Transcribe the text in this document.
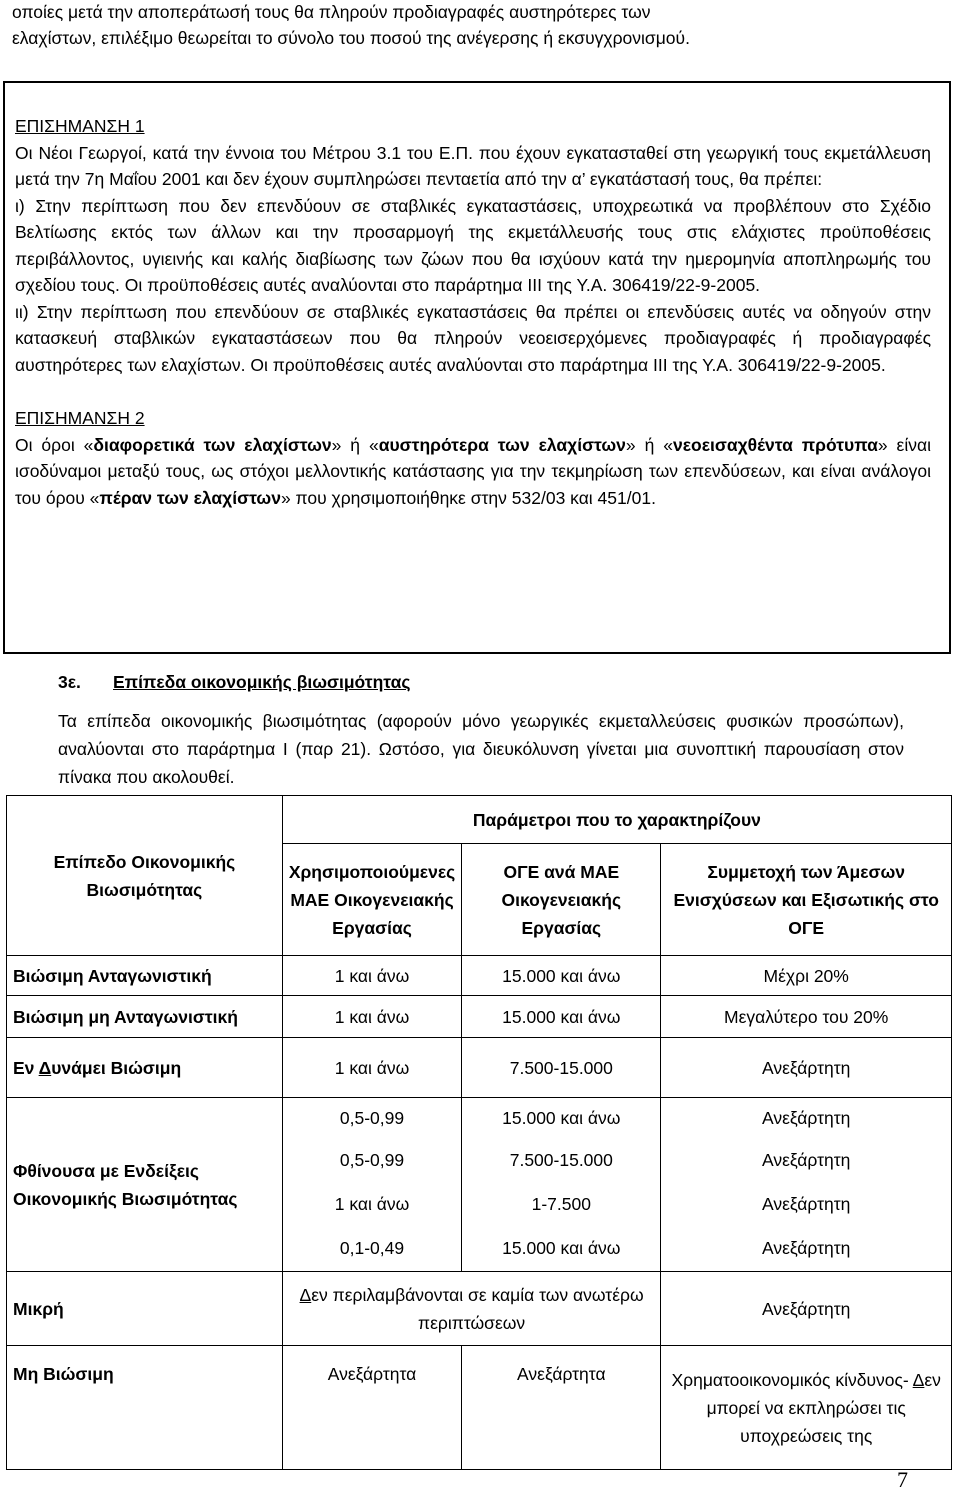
οποίες μετά την αποπεράτωσή τους θα πληρούν προδιαγραφές αυστηρότερες των

ελαχίστων, επιλέξιμο θεωρείται το σύνολο του ποσού της ανέγερσης ή εκσυγχρονισμού.

ΕΠΙΣΗΜΑΝΣΗ 1

Οι Νέοι Γεωργοί, κατά την έννοια του Μέτρου 3.1 του Ε.Π. που έχουν εγκατασταθεί στη γεωργική τους εκμετάλλευση μετά την 7η Μαΐου 2001 και δεν έχουν συμπληρώσει πενταετία από την α’ εγκατάστασή τους, θα πρέπει:

ι) Στην περίπτωση που δεν επενδύουν σε σταβλικές εγκαταστάσεις, υποχρεωτικά να προβλέπουν στο Σχέδιο Βελτίωσης εκτός των άλλων και την προσαρμογή της εκμετάλλευσής τους στις ελάχιστες προϋποθέσεις περιβάλλοντος, υγιεινής και καλής διαβίωσης των ζώων που θα ισχύουν κατά την ημερομηνία αποπληρωμής του σχεδίου τους. Οι προϋποθέσεις αυτές αναλύονται στο παράρτημα ΙΙΙ της Υ.Α. 306419/22-9-2005.

ιι) Στην περίπτωση που επενδύουν σε σταβλικές εγκαταστάσεις θα πρέπει οι επενδύσεις αυτές να οδηγούν στην κατασκευή σταβλικών εγκαταστάσεων που θα πληρούν νεοεισερχόμενες προδιαγραφές ή προδιαγραφές αυστηρότερες των ελαχίστων. Οι προϋποθέσεις αυτές αναλύονται στο παράρτημα ΙΙΙ της Υ.Α. 306419/22-9-2005.

ΕΠΙΣΗΜΑΝΣΗ 2

Οι όροι «διαφορετικά των ελαχίστων» ή «αυστηρότερα των ελαχίστων» ή «νεοεισαχθέντα πρότυπα» είναι ισοδύναμοι μεταξύ τους, ως στόχοι μελλοντικής κατάστασης για την τεκμηρίωση των επενδύσεων, και είναι ανάλογοι του όρου «πέραν των ελαχίστων» που χρησιμοποιήθηκε στην 532/03 και 451/01.

3ε. Επίπεδα οικονομικής βιωσιμότητας

Τα επίπεδα οικονομικής βιωσιμότητας (αφορούν μόνο γεωργικές εκμεταλλεύσεις φυσικών προσώπων), αναλύονται στο παράρτημα Ι (παρ 21). Ωστόσο, για διευκόλυνση γίνεται μια συνοπτική παρουσίαση στον πίνακα που ακολουθεί.

Επίπεδο Οικονομικής Βιωσιμότητας	Παράμετροι που το χαρακτηρίζουν		
	Χρησιμοποιούμενες ΜΑΕ Οικογενειακής Εργασίας	ΟΓΕ ανά ΜΑΕ Οικογενειακής Εργασίας	Συμμετοχή των Άμεσων Ενισχύσεων και Εξισωτικής στο ΟΓΕ
Βιώσιμη Ανταγωνιστική	1 και άνω	15.000 και άνω	Μέχρι 20%
Βιώσιμη μη Ανταγωνιστική	1 και άνω	15.000 και άνω	Μεγαλύτερο του 20%
Εν Δυνάμει Βιώσιμη	1 και άνω	7.500-15.000	Ανεξάρτητη
Φθίνουσα με Ενδείξεις Οικονομικής Βιωσιμότητας	0,5-0,99	15.000 και άνω	Ανεξάρτητη
	0,5-0,99	7.500-15.000	Ανεξάρτητη
	1 και άνω	1-7.500	Ανεξάρτητη
	0,1-0,49	15.000 και άνω	Ανεξάρτητη
Μικρή	Δεν περιλαμβάνονται σε καμία των ανωτέρω περιπτώσεων		Ανεξάρτητη
Μη Βιώσιμη	Ανεξάρτητα	Ανεξάρτητα	Χρηματοοικονομικός κίνδυνος- Δεν μπορεί να εκπληρώσει τις υποχρεώσεις της
7
